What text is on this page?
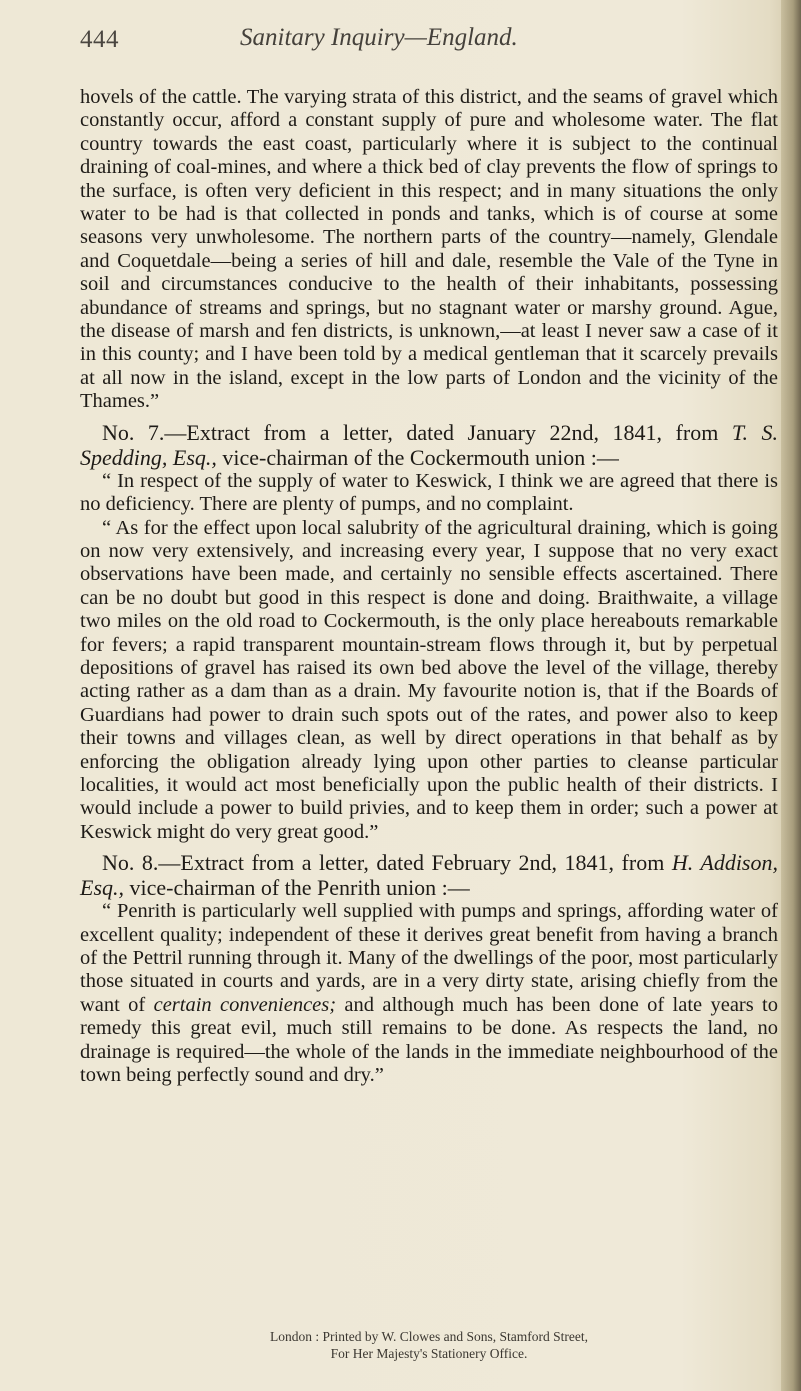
444	Sanitary Inquiry—England.

hovels of the cattle. The varying strata of this district, and the seams of gravel which constantly occur, afford a constant supply of pure and wholesome water. The flat country towards the east coast, particularly where it is subject to the continual draining of coal-mines, and where a thick bed of clay prevents the flow of springs to the surface, is often very deficient in this respect; and in many situations the only water to be had is that collected in ponds and tanks, which is of course at some seasons very unwholesome. The northern parts of the country—namely, Glendale and Coquetdale—being a series of hill and dale, resemble the Vale of the Tyne in soil and circumstances conducive to the health of their inhabitants, possessing abundance of streams and springs, but no stagnant water or marshy ground. Ague, the disease of marsh and fen districts, is unknown,—at least I never saw a case of it in this county; and I have been told by a medical gentleman that it scarcely prevails at all now in the island, except in the low parts of London and the vicinity of the Thames.”

No. 7.—Extract from a letter, dated January 22nd, 1841, from T. S. Spedding, Esq., vice-chairman of the Cockermouth union :—

“ In respect of the supply of water to Keswick, I think we are agreed that there is no deficiency. There are plenty of pumps, and no complaint.

“ As for the effect upon local salubrity of the agricultural draining, which is going on now very extensively, and increasing every year, I suppose that no very exact observations have been made, and certainly no sensible effects ascertained. There can be no doubt but good in this respect is done and doing. Braithwaite, a village two miles on the old road to Cockermouth, is the only place hereabouts remarkable for fevers; a rapid transparent mountain-stream flows through it, but by perpetual depositions of gravel has raised its own bed above the level of the village, thereby acting rather as a dam than as a drain. My favourite notion is, that if the Boards of Guardians had power to drain such spots out of the rates, and power also to keep their towns and villages clean, as well by direct operations in that behalf as by enforcing the obligation already lying upon other parties to cleanse particular localities, it would act most beneficially upon the public health of their districts. I would include a power to build privies, and to keep them in order; such a power at Keswick might do very great good.”

No. 8.—Extract from a letter, dated February 2nd, 1841, from H. Addison, Esq., vice-chairman of the Penrith union :—

“ Penrith is particularly well supplied with pumps and springs, affording water of excellent quality; independent of these it derives great benefit from having a branch of the Pettril running through it. Many of the dwellings of the poor, most particularly those situated in courts and yards, are in a very dirty state, arising chiefly from the want of certain conveniences; and although much has been done of late years to remedy this great evil, much still remains to be done. As respects the land, no drainage is required—the whole of the lands in the immediate neighbourhood of the town being perfectly sound and dry.”

London : Printed by W. Clowes and Sons, Stamford Street,
For Her Majesty's Stationery Office.
